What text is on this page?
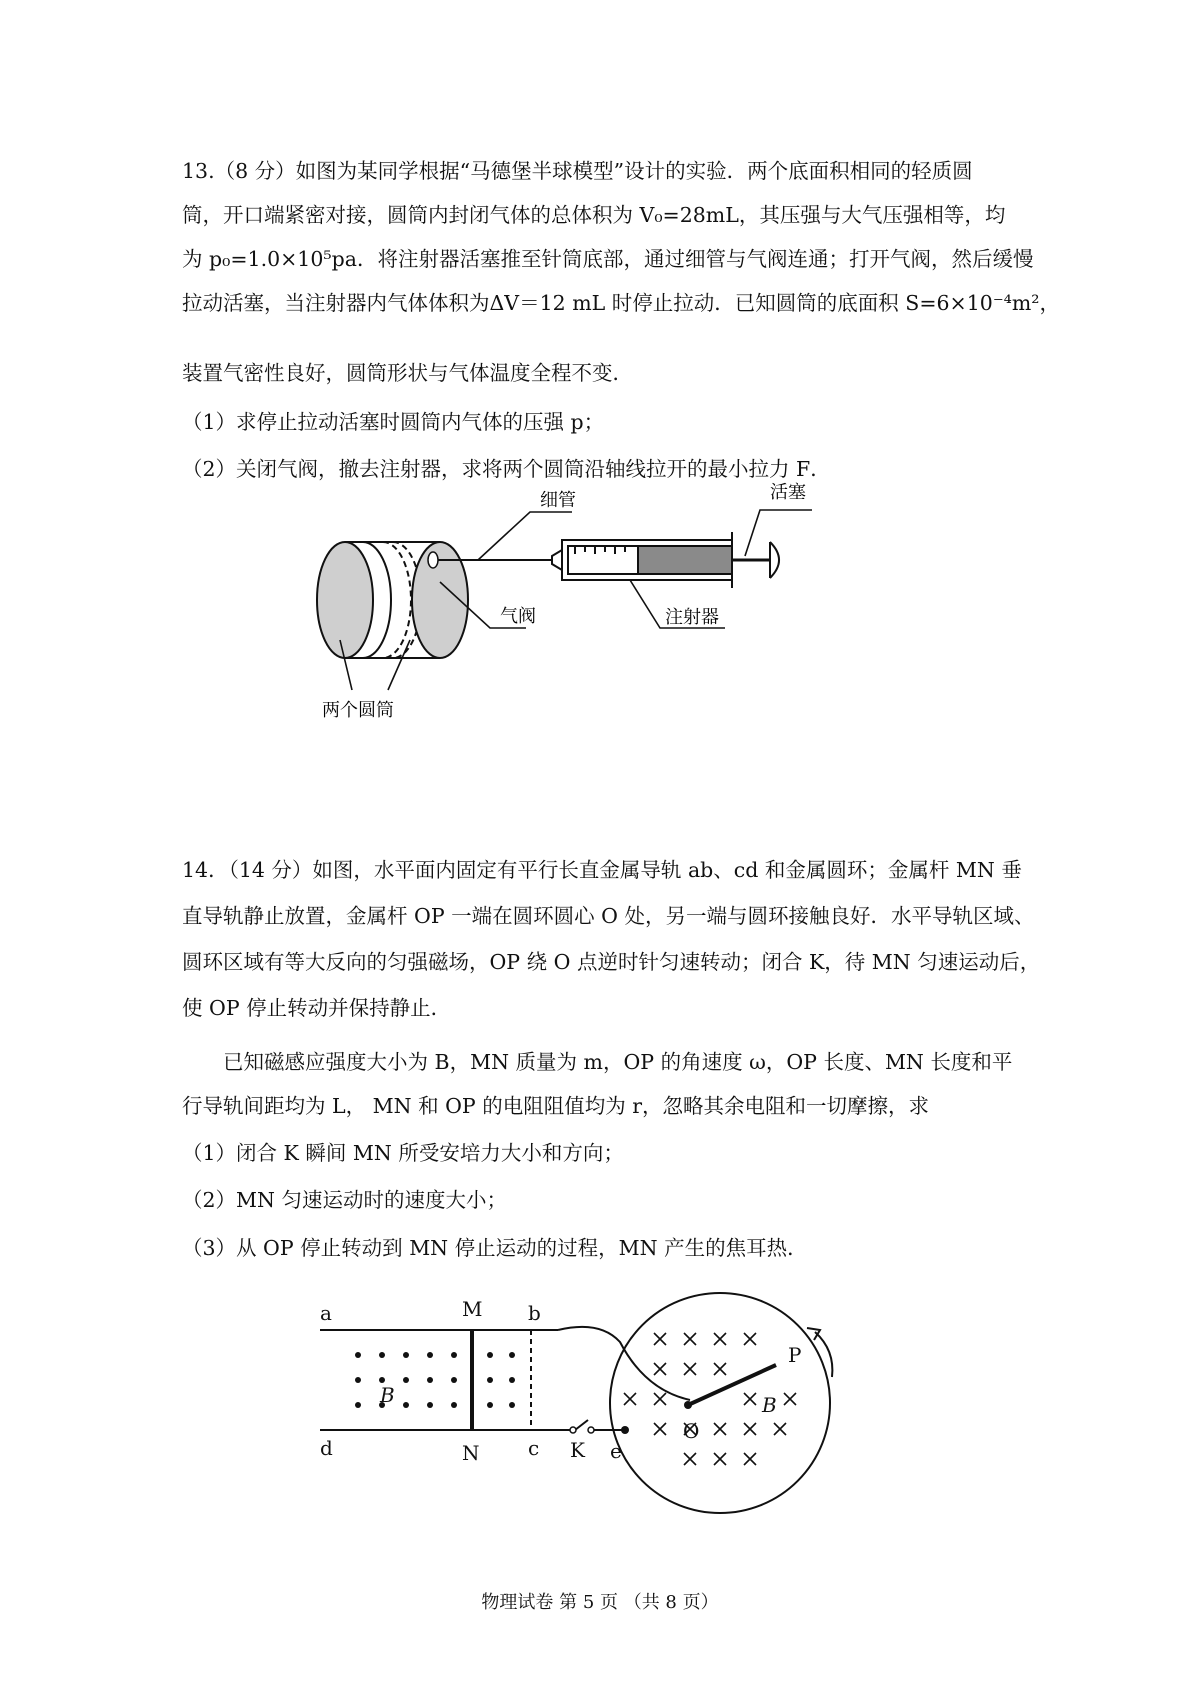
13.（8 分）如图为某同学根据“马德堡半球模型”设计的实验．两个底面积相同的轻质圆
筒，开口端紧密对接，圆筒内封闭气体的总体积为 V₀=28mL，其压强与大气压强相等，均
为 p₀=1.0×10⁵pa．将注射器活塞推至针筒底部，通过细管与气阀连通；打开气阀，然后缓慢
拉动活塞，当注射器内气体体积为ΔV＝12 mL 时停止拉动．已知圆筒的底面积 S=6×10⁻⁴m²，
装置气密性良好，圆筒形状与气体温度全程不变．
（1）求停止拉动活塞时圆筒内气体的压强 p；
（2）关闭气阀，撤去注射器，求将两个圆筒沿轴线拉开的最小拉力 F．
细管	活塞
气阀	注射器
两个圆筒
14．（14 分）如图，水平面内固定有平行长直金属导轨 ab、cd 和金属圆环；金属杆 MN 垂
直导轨静止放置，金属杆 OP 一端在圆环圆心 O 处，另一端与圆环接触良好．水平导轨区域、
圆环区域有等大反向的匀强磁场，OP 绕 O 点逆时针匀速转动；闭合 K，待 MN 匀速运动后，
使 OP 停止转动并保持静止．
　　已知磁感应强度大小为 B，MN 质量为 m，OP 的角速度 ω，OP 长度、MN 长度和平
行导轨间距均为 L， MN 和 OP 的电阻阻值均为 r，忽略其余电阻和一切摩擦，求
（1）闭合 K 瞬间 MN 所受安培力大小和方向；
（2）MN 匀速运动时的速度大小；
（3）从 OP 停止转动到 MN 停止运动的过程，MN 产生的焦耳热．
a	M b
d	N c K e
O
P
B	B
物理试卷 第 5 页 （共 8 页）
